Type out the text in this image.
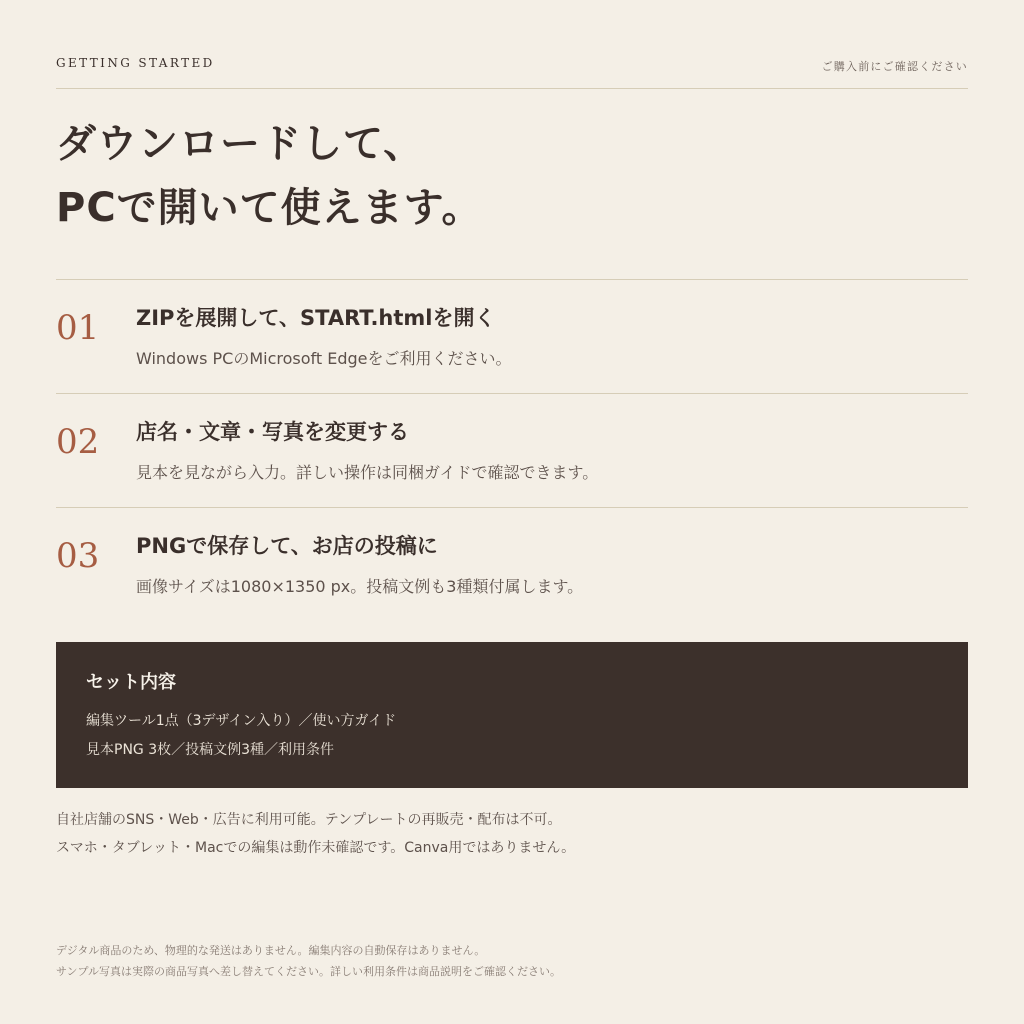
GETTING STARTED	ご購入前にご確認ください
ダウンロードして、
PCで開いて使えます。
01 ZIPを展開して、START.htmlを開く
Windows PCのMicrosoft Edgeをご利用ください。
02 店名・文章・写真を変更する
見本を見ながら入力。詳しい操作は同梱ガイドで確認できます。
03 PNGで保存して、お店の投稿に
画像サイズは1080×1350 px。投稿文例も3種類付属します。
セット内容
編集ツール1点（3デザイン入り）／使い方ガイド
見本PNG 3枚／投稿文例3種／利用条件
自社店舗のSNS・Web・広告に利用可能。テンプレートの再販売・配布は不可。
スマホ・タブレット・Macでの編集は動作未確認です。Canva用ではありません。
デジタル商品のため、物理的な発送はありません。編集内容の自動保存はありません。
サンプル写真は実際の商品写真へ差し替えてください。詳しい利用条件は商品説明をご確認ください。
